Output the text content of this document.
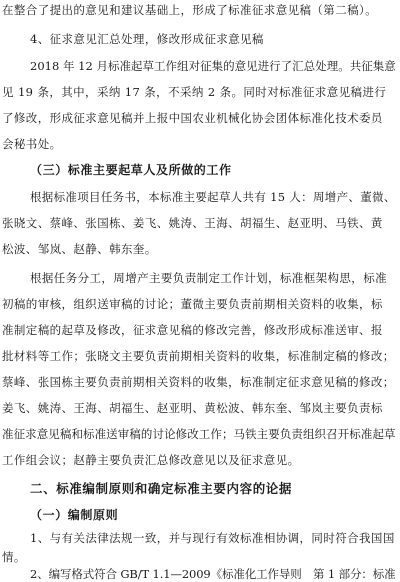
在整合了提出的意见和建议基础上，形成了标准征求意见稿（第二稿）。
4、征求意见汇总处理，修改形成征求意见稿
2018 年 12 月标准起草工作组对征集的意见进行了汇总处理。共征集意
见 19 条，其中，采纳 17 条，不采纳 2 条。同时对标准征求意见稿进行
了修改，形成征求意见稿并上报中国农业机械化协会团体标准化技术委员
会秘书处。
（三）标准主要起草人及所做的工作
根据标准项目任务书，本标准主要起草人共有 15 人：周增产、董微、
张晓文、蔡峰、张国栋、姜飞、姚涛、王海、胡福生、赵亚明、马铁、黄
松波、邹岚、赵静、韩东奎。
根据任务分工，周增产主要负责制定工作计划，标准框架构思，标准
初稿的审核，组织送审稿的讨论；董微主要负责前期相关资料的收集，标
准制定稿的起草及修改，征求意见稿的修改完善，修改形成标准送审、报
批材料等工作；张晓文主要负责前期相关资料的收集，标准制定稿的修改；
蔡峰、张国栋主要负责前期相关资料的收集，标准制定征求意见稿的修改；
姜飞、姚涛、王海、胡福生、赵亚明、黄松波、韩东奎、邹岚主要负责标
准征求意见稿和标准送审稿的讨论修改工作；马铁主要负责组织召开标准起草
工作组会议；赵静主要负责汇总修改意见以及征求意见。
二、标准编制原则和确定标准主要内容的论据
（一）编制原则
1、与有关法律法规一致，并与现行有效标准相协调，同时符合我国国
情。
2、编写格式符合 GB/T 1.1—2009《标准化工作导则　第 1 部分：标准
